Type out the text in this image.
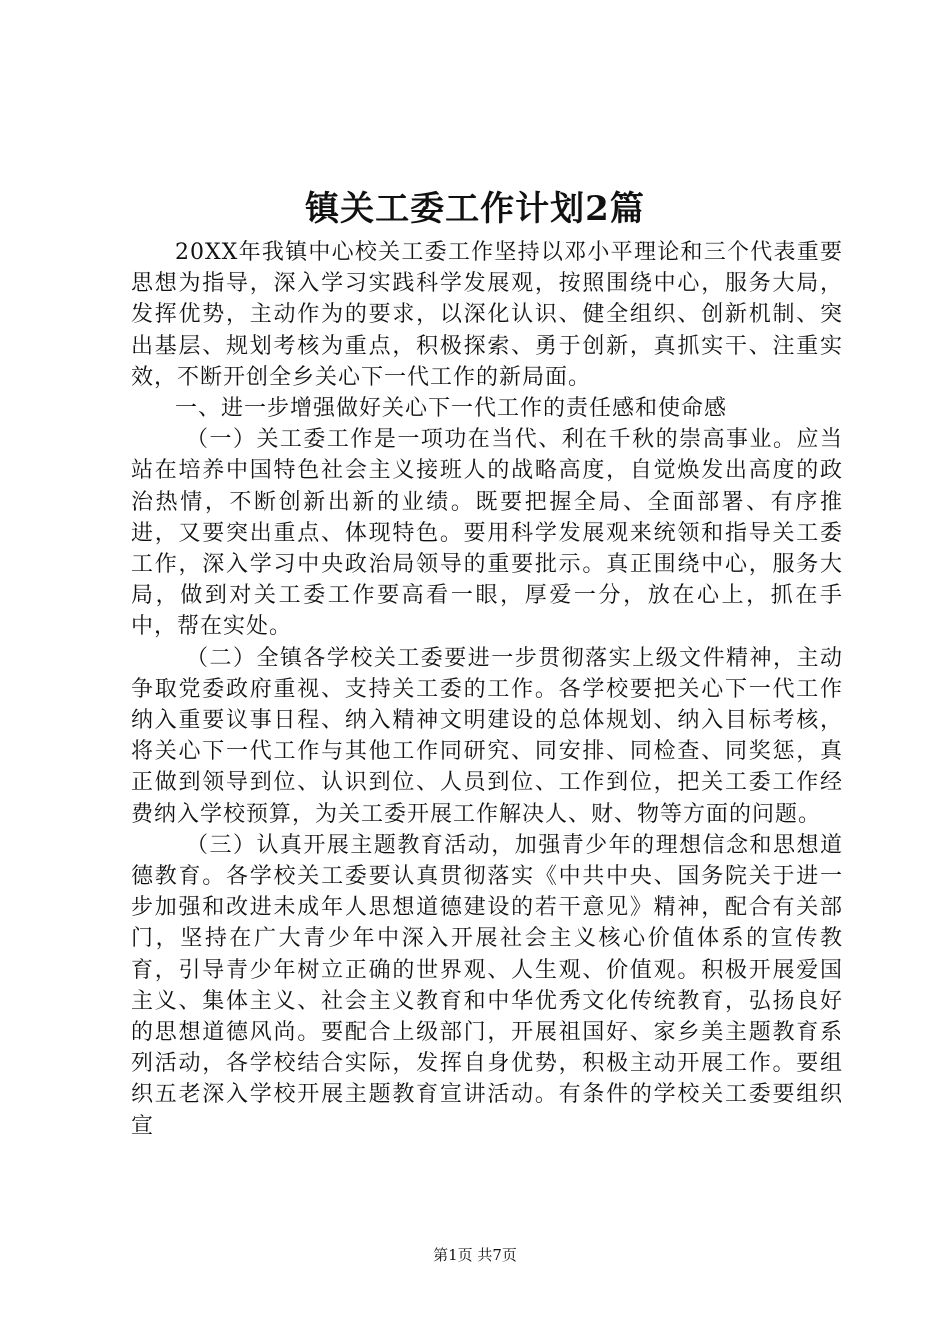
镇关工委工作计划2篇

20XX年我镇中心校关工委工作坚持以邓小平理论和三个代表重要思想为指导，深入学习实践科学发展观，按照围绕中心，服务大局，发挥优势，主动作为的要求，以深化认识、健全组织、创新机制、突出基层、规划考核为重点，积极探索、勇于创新，真抓实干、注重实效，不断开创全乡关心下一代工作的新局面。

一、进一步增强做好关心下一代工作的责任感和使命感

（一）关工委工作是一项功在当代、利在千秋的崇高事业。应当站在培养中国特色社会主义接班人的战略高度，自觉焕发出高度的政治热情，不断创新出新的业绩。既要把握全局、全面部署、有序推进，又要突出重点、体现特色。要用科学发展观来统领和指导关工委工作，深入学习中央政治局领导的重要批示。真正围绕中心，服务大局，做到对关工委工作要高看一眼，厚爱一分，放在心上，抓在手中，帮在实处。

（二）全镇各学校关工委要进一步贯彻落实上级文件精神，主动争取党委政府重视、支持关工委的工作。各学校要把关心下一代工作纳入重要议事日程、纳入精神文明建设的总体规划、纳入目标考核，将关心下一代工作与其他工作同研究、同安排、同检查、同奖惩，真正做到领导到位、认识到位、人员到位、工作到位，把关工委工作经费纳入学校预算，为关工委开展工作解决人、财、物等方面的问题。

（三）认真开展主题教育活动，加强青少年的理想信念和思想道德教育。各学校关工委要认真贯彻落实《中共中央、国务院关于进一步加强和改进未成年人思想道德建设的若干意见》精神，配合有关部门，坚持在广大青少年中深入开展社会主义核心价值体系的宣传教育，引导青少年树立正确的世界观、人生观、价值观。积极开展爱国主义、集体主义、社会主义教育和中华优秀文化传统教育，弘扬良好的思想道德风尚。要配合上级部门，开展祖国好、家乡美主题教育系列活动，各学校结合实际，发挥自身优势，积极主动开展工作。要组织五老深入学校开展主题教育宣讲活动。有条件的学校关工委要组织宣

第1页 共7页
